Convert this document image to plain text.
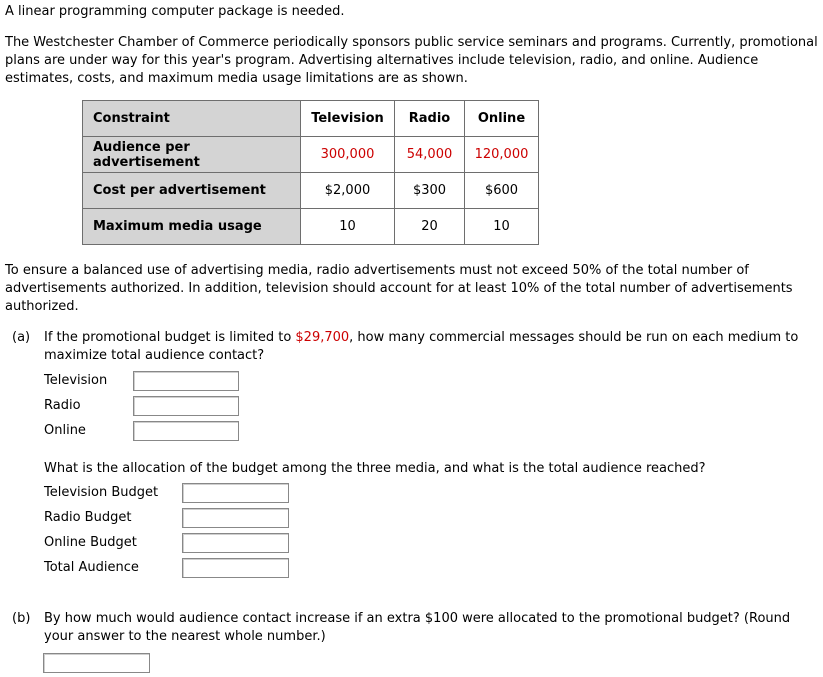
A linear programming computer package is needed.

The Westchester Chamber of Commerce periodically sponsors public service seminars and programs. Currently, promotional plans are under way for this year's program. Advertising alternatives include television, radio, and online. Audience estimates, costs, and maximum media usage limitations are as shown.

Constraint	Television	Radio	Online
Audience per advertisement	300,000	54,000	120,000
Cost per advertisement	$2,000	$300	$600
Maximum media usage	10	20	10

To ensure a balanced use of advertising media, radio advertisements must not exceed 50% of the total number of advertisements authorized. In addition, television should account for at least 10% of the total number of advertisements authorized.

(a) If the promotional budget is limited to $29,700, how many commercial messages should be run on each medium to maximize total audience contact?

Television
Radio
Online

What is the allocation of the budget among the three media, and what is the total audience reached?

Television Budget
Radio Budget
Online Budget
Total Audience
(b) By how much would audience contact increase if an extra $100 were allocated to the promotional budget? (Round your answer to the nearest whole number.)
